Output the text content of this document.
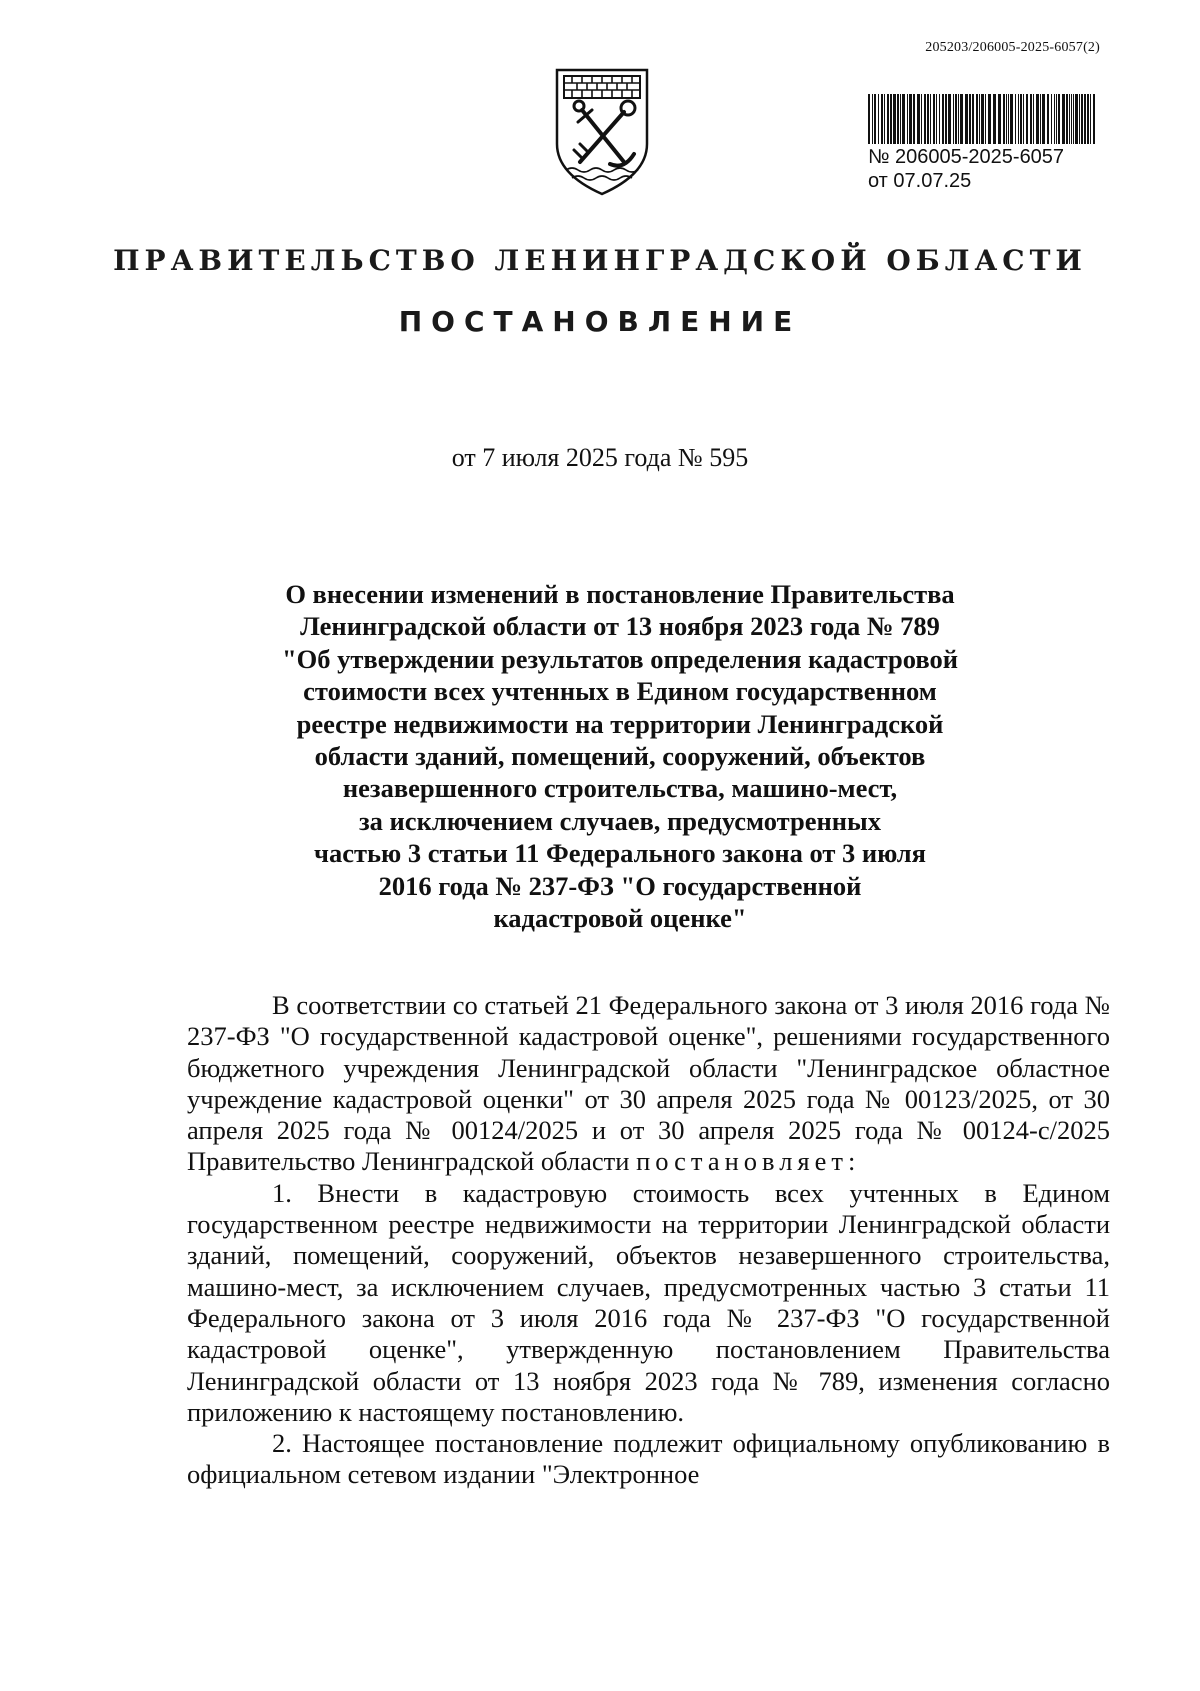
205203/206005-2025-6057(2)
№ 206005-2025-6057
от 07.07.25
ПРАВИТЕЛЬСТВО ЛЕНИНГРАДСКОЙ ОБЛАСТИ
ПОСТАНОВЛЕНИЕ
от 7 июля 2025 года № 595
О внесении изменений в постановление Правительства
Ленинградской области от 13 ноября 2023 года № 789
"Об утверждении результатов определения кадастровой
стоимости всех учтенных в Едином государственном
реестре недвижимости на территории Ленинградской
области зданий, помещений, сооружений, объектов
незавершенного строительства, машино-мест,
за исключением случаев, предусмотренных
частью 3 статьи 11 Федерального закона от 3 июля
2016 года № 237-ФЗ "О государственной
кадастровой оценке"

В соответствии со статьей 21 Федерального закона от 3 июля 2016 года № 237-ФЗ "О государственной кадастровой оценке", решениями государственного бюджетного учреждения Ленинградской области "Ленинградское областное учреждение кадастровой оценки" от 30 апреля 2025 года № 00123/2025, от 30 апреля 2025 года № 00124/2025 и от 30 апреля 2025 года № 00124-с/2025 Правительство Ленинградской области постановляет:

1. Внести в кадастровую стоимость всех учтенных в Едином государственном реестре недвижимости на территории Ленинградской области зданий, помещений, сооружений, объектов незавершенного строительства, машино-мест, за исключением случаев, предусмотренных частью 3 статьи 11 Федерального закона от 3 июля 2016 года № 237-ФЗ "О государственной кадастровой оценке", утвержденную постановлением Правительства Ленинградской области от 13 ноября 2023 года № 789, изменения согласно приложению к настоящему постановлению.

2. Настоящее постановление подлежит официальному опубликованию в официальном сетевом издании "Электронное
